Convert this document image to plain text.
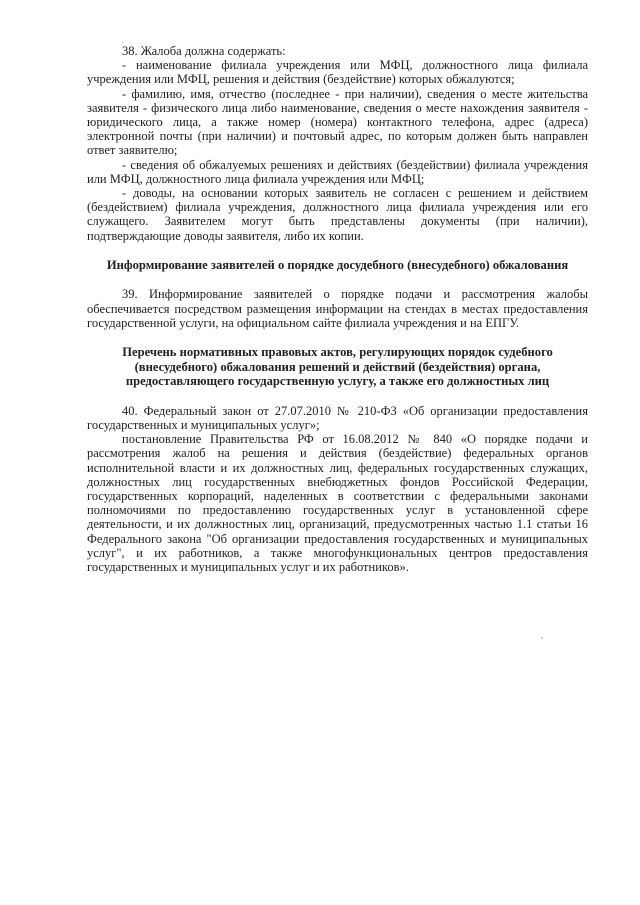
38. Жалоба должна содержать:

- наименование филиала учреждения или МФЦ, должностного лица филиала учреждения или МФЦ, решения и действия (бездействие) которых обжалуются;

- фамилию, имя, отчество (последнее - при наличии), сведения о месте жительства заявителя - физического лица либо наименование, сведения о месте нахождения заявителя - юридического лица, а также номер (номера) контактного телефона, адрес (адреса) электронной почты (при наличии) и почтовый адрес, по которым должен быть направлен ответ заявителю;

- сведения об обжалуемых решениях и действиях (бездействии) филиала учреждения или МФЦ, должностного лица филиала учреждения или МФЦ;

- доводы, на основании которых заявитель не согласен с решением и действием (бездействием) филиала учреждения, должностного лица филиала учреждения или его служащего. Заявителем могут быть представлены документы (при наличии), подтверждающие доводы заявителя, либо их копии.

Информирование заявителей о порядке досудебного (внесудебного) обжалования

39. Информирование заявителей о порядке подачи и рассмотрения жалобы обеспечивается посредством размещения информации на стендах в местах предоставления государственной услуги, на официальном сайте филиала учреждения и на ЕПГУ.

Перечень нормативных правовых актов, регулирующих порядок судебного (внесудебного) обжалования решений и действий (бездействия) органа, предоставляющего государственную услугу, а также его должностных лиц

40. Федеральный закон от 27.07.2010 № 210-ФЗ «Об организации предоставления государственных и муниципальных услуг»;

постановление Правительства РФ от 16.08.2012 № 840 «О порядке подачи и рассмотрения жалоб на решения и действия (бездействие) федеральных органов исполнительной власти и их должностных лиц, федеральных государственных служащих, должностных лиц государственных внебюджетных фондов Российской Федерации, государственных корпораций, наделенных в соответствии с федеральными законами полномочиями по предоставлению государственных услуг в установленной сфере деятельности, и их должностных лиц, организаций, предусмотренных частью 1.1 статьи 16 Федерального закона "Об организации предоставления государственных и муниципальных услуг", и их работников, а также многофункциональных центров предоставления государственных и муниципальных услуг и их работников».
